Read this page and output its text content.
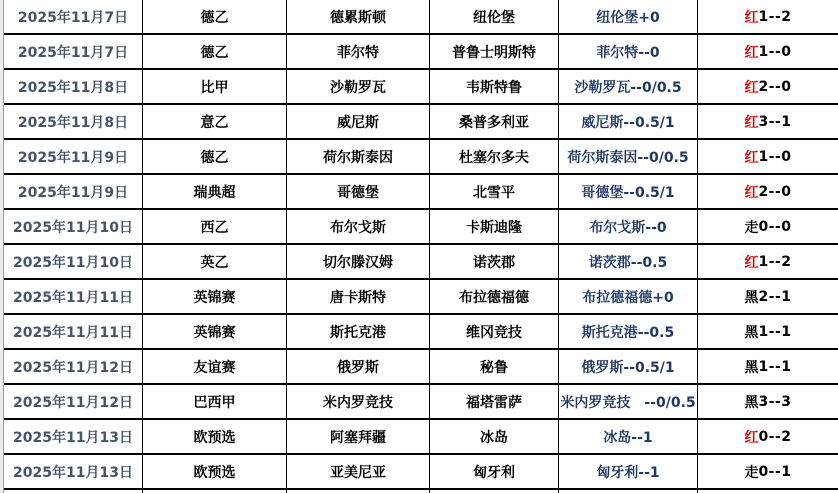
2025年11月7日	德乙	德累斯顿	纽伦堡	纽伦堡+0	红 1--2
2025年11月7日	德乙	菲尔特	普鲁士明斯特	菲尔特--0	红 1--0
2025年11月8日	比甲	沙勒罗瓦	韦斯特鲁	沙勒罗瓦--0/0.5	红 2--0
2025年11月8日	意乙	威尼斯	桑普多利亚	威尼斯--0.5/1	红 3--1
2025年11月9日	德乙	荷尔斯泰因	杜塞尔多夫	荷尔斯泰因--0/0.5	红 1--0
2025年11月9日	瑞典超	哥德堡	北雪平	哥德堡--0.5/1	红 2--0
2025年11月10日	西乙	布尔戈斯	卡斯迪隆	布尔戈斯--0	走 0--0
2025年11月10日	英乙	切尔滕汉姆	诺茨郡	诺茨郡--0.5	红 1--2
2025年11月11日	英锦赛	唐卡斯特	布拉德福德	布拉德福德+0	黑 2--1
2025年11月11日	英锦赛	斯托克港	维冈竞技	斯托克港--0.5	黑 1--1
2025年11月12日	友谊赛	俄罗斯	秘鲁	俄罗斯--0.5/1	黑 1--1
2025年11月12日	巴西甲	米内罗竞技	福塔雷萨	米内罗竞技　--0/0.5	黑 3--3
2025年11月13日	欧预选	阿塞拜疆	冰岛	冰岛--1	红 0--2
2025年11月13日	欧预选	亚美尼亚	匈牙利	匈牙利--1	走 0--1
